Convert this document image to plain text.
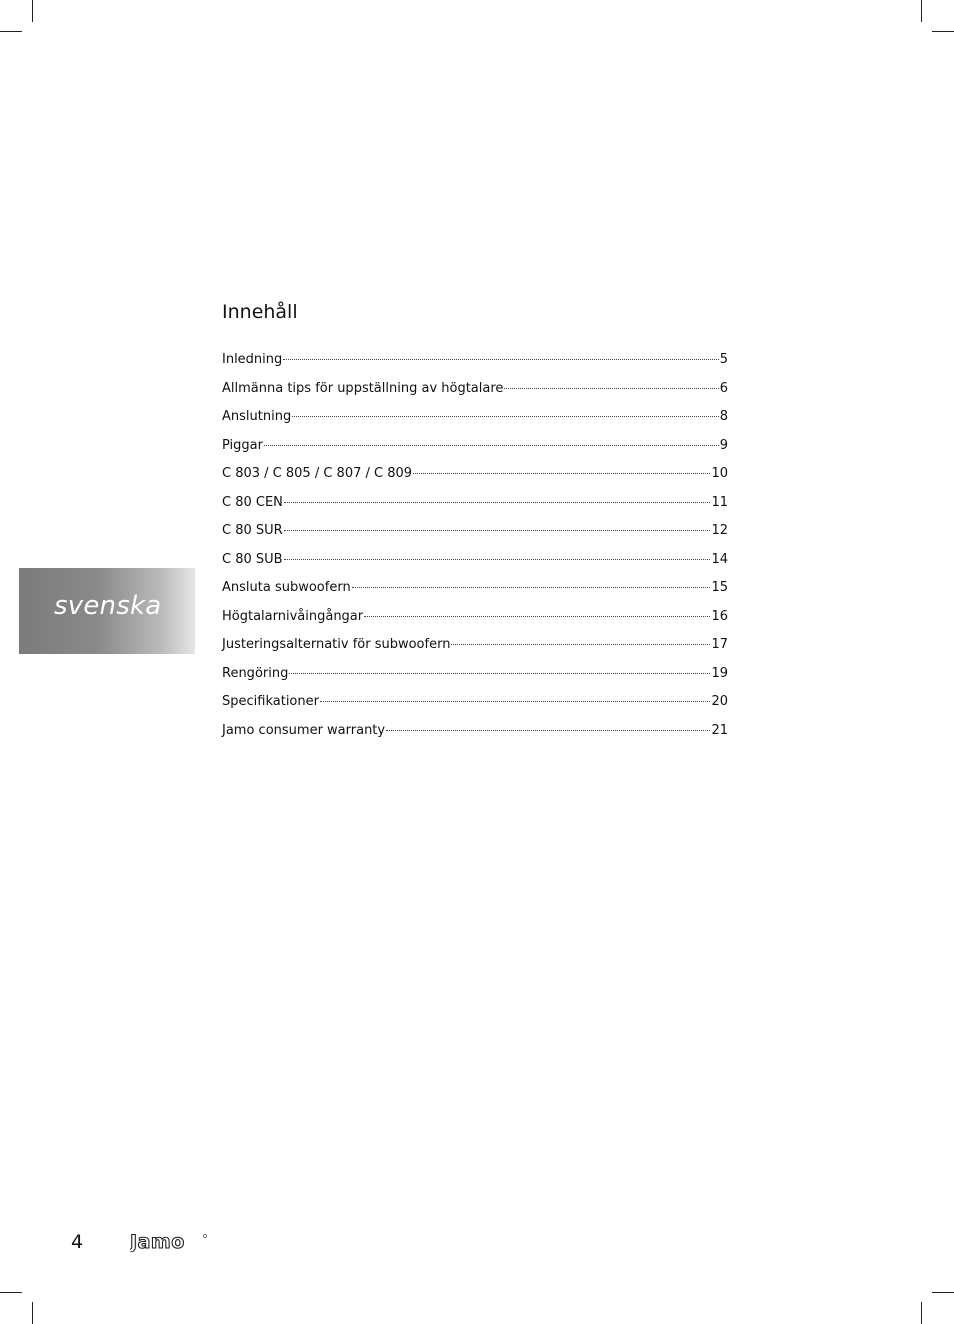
svenska
Innehåll
Inledning	5
Allmänna tips för uppställning av högtalare	6
Anslutning	8
Piggar	9
C 803 / C 805 / C 807 / C 809	10
C 80 CEN	11
C 80 SUR	12
C 80 SUB	14
Ansluta subwoofern	15
Högtalarnivåingångar	16
Justeringsalternativ för subwoofern	17
Rengöring	19
Specifikationer	20
Jamo consumer warranty	21
4 Jamo
